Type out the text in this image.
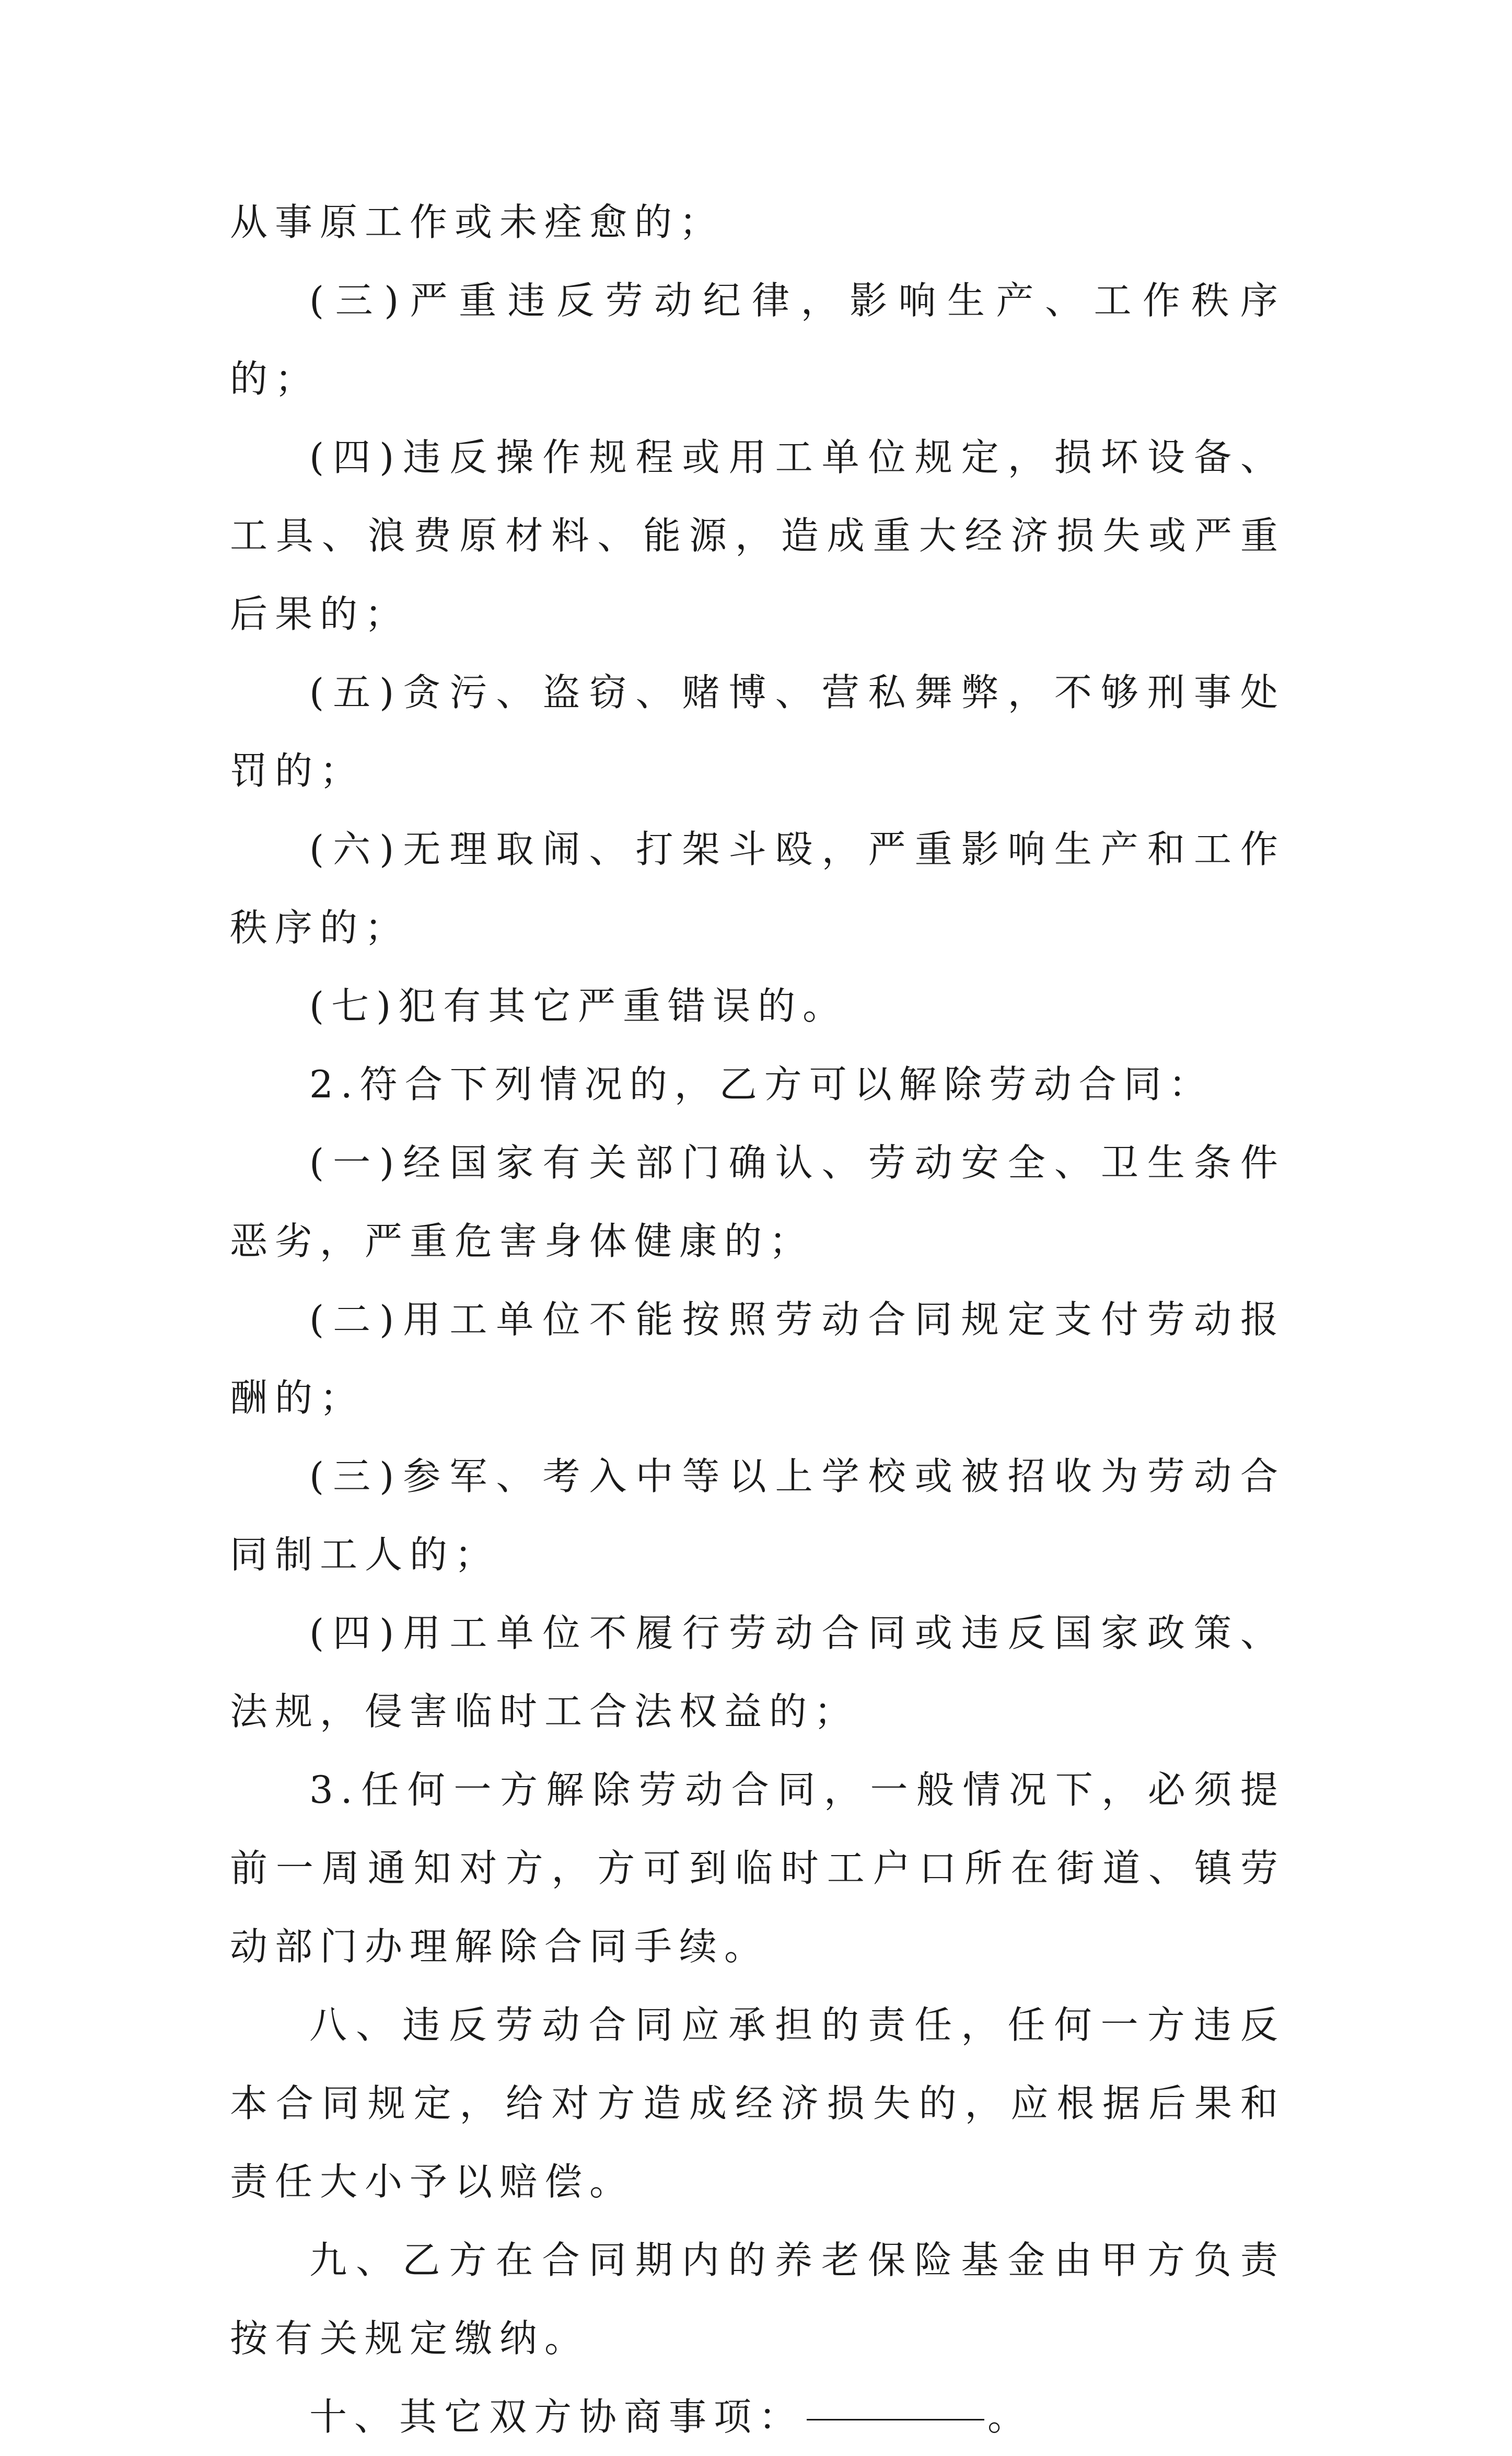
从事原工作或未痊愈的；

(三)严重违反劳动纪律，影响生产、工作秩序的；

(四)违反操作规程或用工单位规定，损坏设备、工具、浪费原材料、能源，造成重大经济损失或严重后果的；

(五)贪污、盗窃、赌博、营私舞弊，不够刑事处罚的；

(六)无理取闹、打架斗殴，严重影响生产和工作秩序的；

(七)犯有其它严重错误的。

2.符合下列情况的，乙方可以解除劳动合同：

(一)经国家有关部门确认、劳动安全、卫生条件恶劣，严重危害身体健康的；

(二)用工单位不能按照劳动合同规定支付劳动报酬的；

(三)参军、考入中等以上学校或被招收为劳动合同制工人的；

(四)用工单位不履行劳动合同或违反国家政策、法规，侵害临时工合法权益的；

3.任何一方解除劳动合同，一般情况下，必须提前一周通知对方，方可到临时工户口所在街道、镇劳动部门办理解除合同手续。

八、违反劳动合同应承担的责任，任何一方违反本合同规定，给对方造成经济损失的，应根据后果和责任大小予以赔偿。

九、乙方在合同期内的养老保险基金由甲方负责按有关规定缴纳。

十、其它双方协商事项：	。
